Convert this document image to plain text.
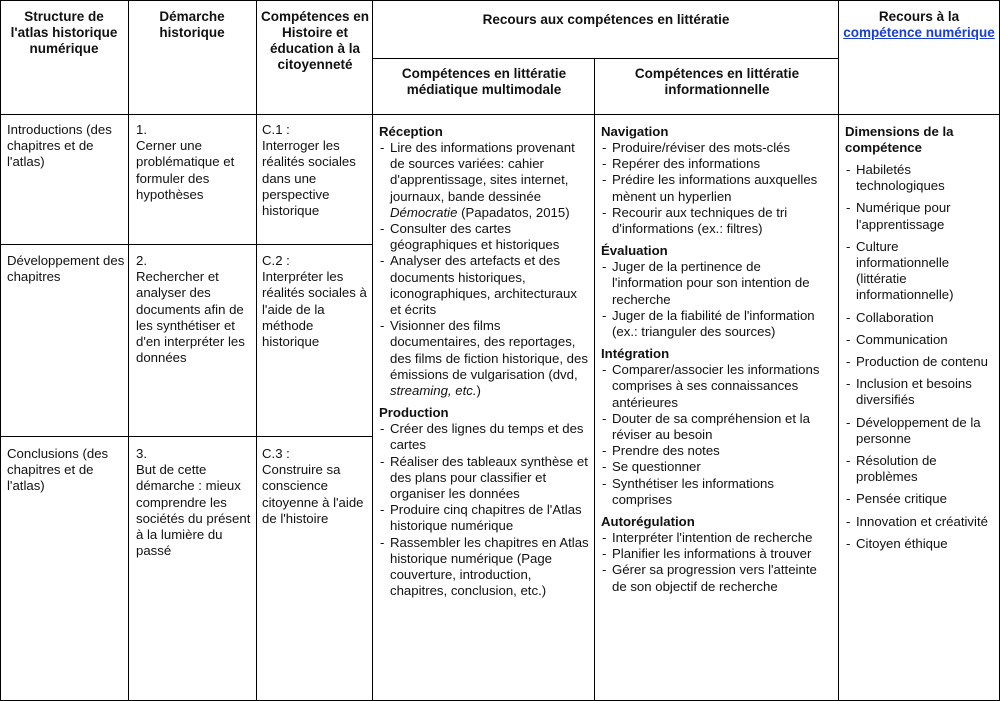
Structure de l'atlas historique numérique
Démarche historique
Compétences en Histoire et éducation à la citoyenneté
Recours aux compétences en littératie
Compétences en littératie médiatique multimodale
Compétences en littératie informationnelle
Recours à la
compétence numérique
Introductions (des chapitres et de l'atlas)
Développement des chapitres
Conclusions (des chapitres et de l'atlas)
1.
Cerner une problématique et formuler des hypothèses
2.
Rechercher et analyser des documents afin de les synthétiser et d'en interpréter les données
3.
But de cette démarche : mieux comprendre les sociétés du présent à la lumière du passé
C.1 :
Interroger les réalités sociales dans une perspective historique
C.2 :
Interpréter les réalités sociales à l'aide de la méthode historique
C.3 :
Construire sa conscience citoyenne à l'aide de l'histoire
Réception
- Lire des informations provenant de sources variées: cahier d'apprentissage, sites internet, journaux, bande dessinée Démocratie (Papadatos, 2015)
- Consulter des cartes géographiques et historiques
- Analyser des artefacts et des documents historiques, iconographiques, architecturaux et écrits
- Visionner des films documentaires, des reportages, des films de fiction historique, des émissions de vulgarisation (dvd, streaming, etc.)
Production
- Créer des lignes du temps et des cartes
- Réaliser des tableaux synthèse et des plans pour classifier et organiser les données
- Produire cinq chapitres de l'Atlas historique numérique
- Rassembler les chapitres en Atlas historique numérique (Page couverture, introduction, chapitres, conclusion, etc.)
Navigation
- Produire/réviser des mots-clés
- Repérer des informations
- Prédire les informations auxquelles mènent un hyperlien
- Recourir aux techniques de tri d'informations (ex.: filtres)
Évaluation
- Juger de la pertinence de l'information pour son intention de recherche
- Juger de la fiabilité de l'information (ex.: trianguler des sources)
Intégration
- Comparer/associer les informations comprises à ses connaissances antérieures
- Douter de sa compréhension et la réviser au besoin
- Prendre des notes
- Se questionner
- Synthétiser les informations comprises
Autorégulation
- Interpréter l'intention de recherche
- Planifier les informations à trouver
- Gérer sa progression vers l'atteinte de son objectif de recherche
Dimensions de la compétence
- Habiletés technologiques
- Numérique pour l'apprentissage
- Culture informationnelle (littératie informationnelle)
- Collaboration
- Communication
- Production de contenu
- Inclusion et besoins diversifiés
- Développement de la personne
- Résolution de problèmes
- Pensée critique
- Innovation et créativité
- Citoyen éthique
